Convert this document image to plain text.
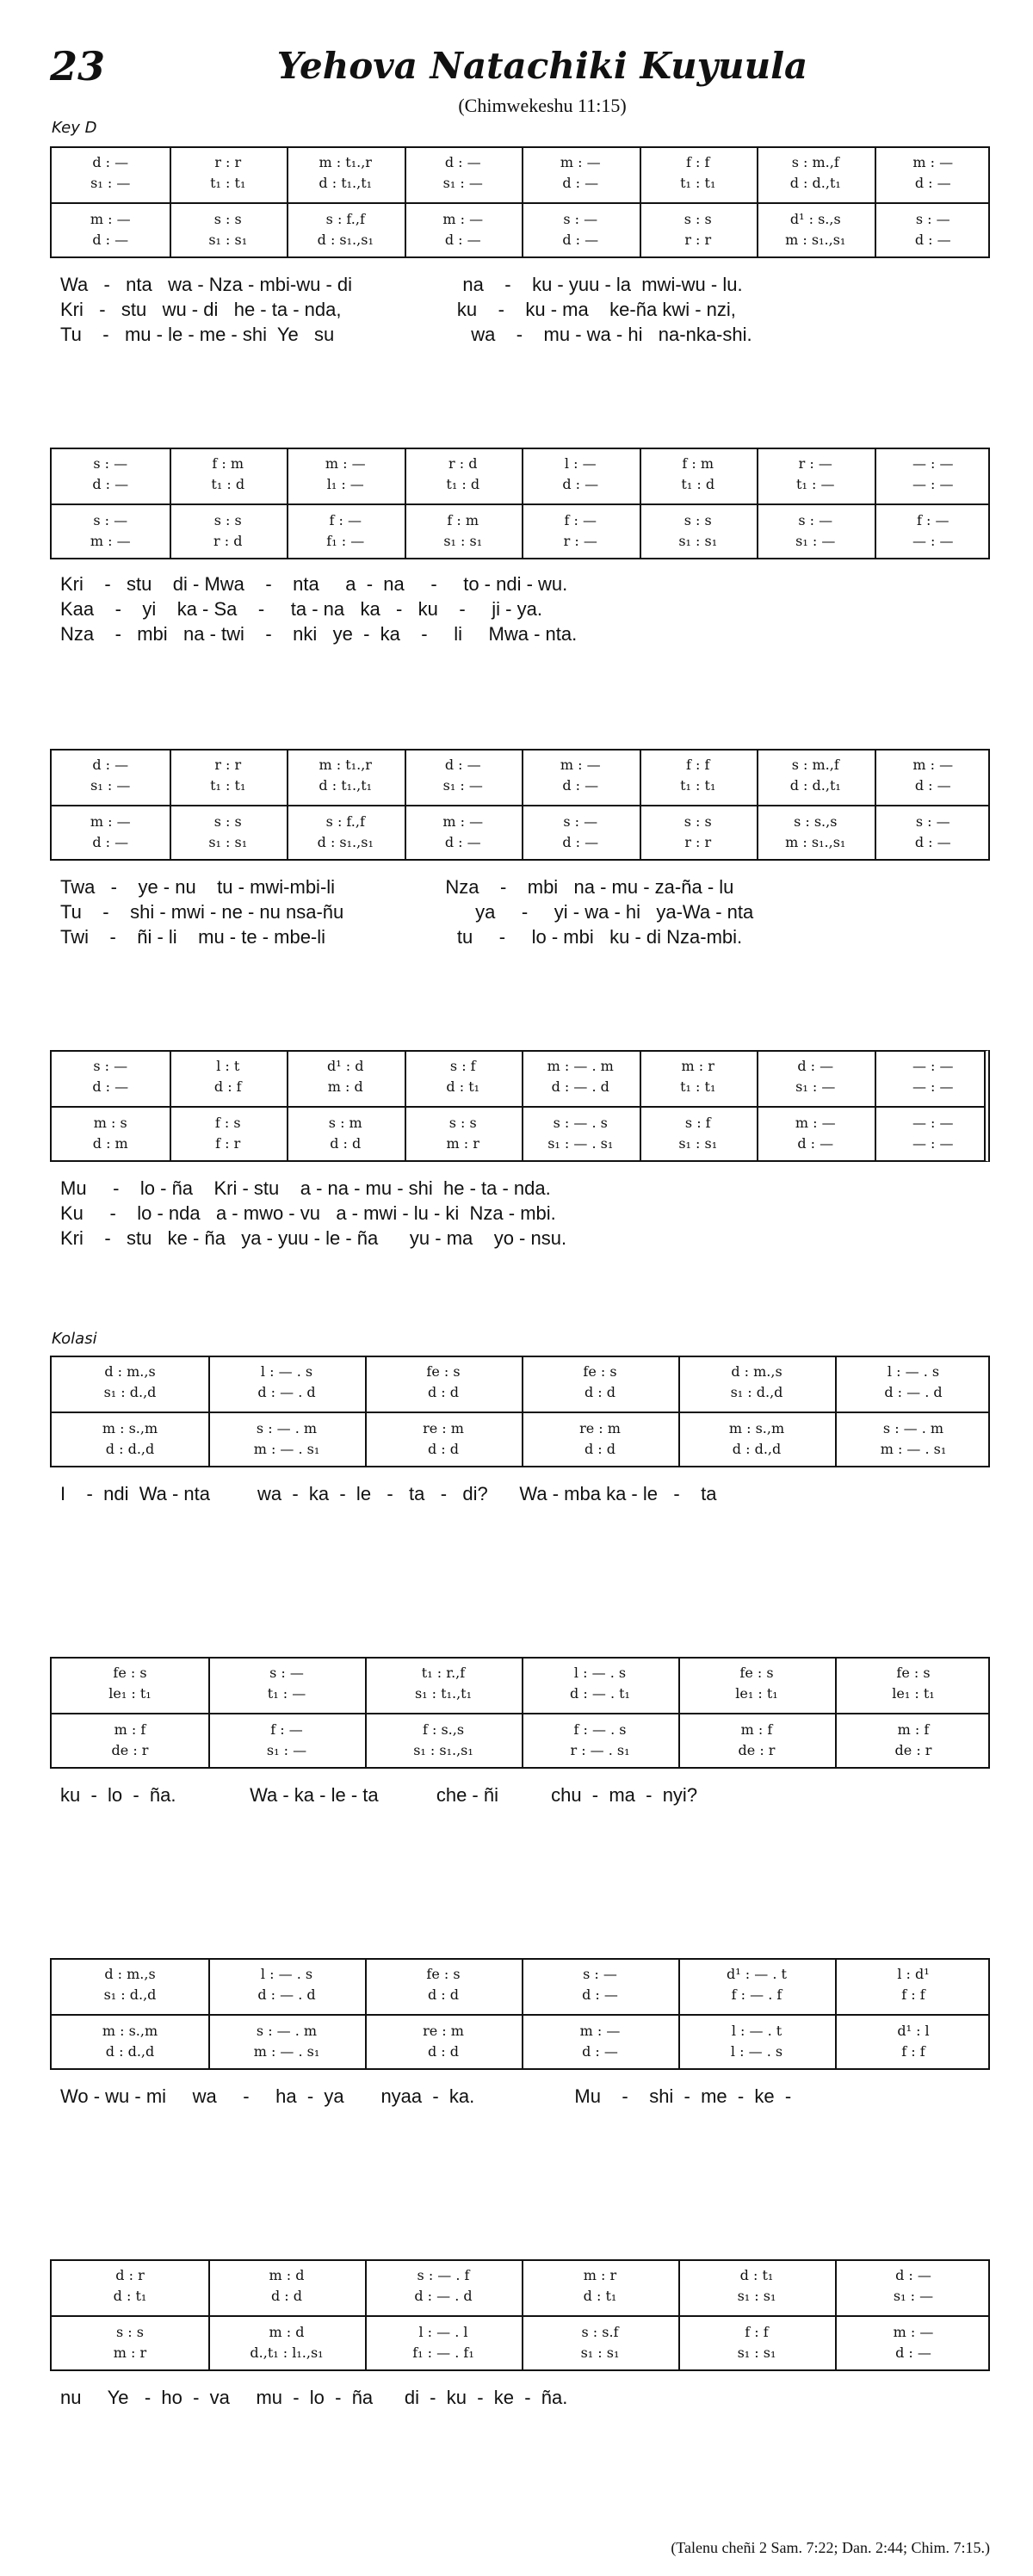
23	Yehova Natachiki Kuyuula
(Chimwekeshu 11:15)
Key D
Kolasi
(Talenu cheñi 2 Sam. 7:22; Dan. 2:44; Chim. 7:15.)
d : —
s₁ : —
m : —
d : —
r : r
t₁ : t₁
s : s
s₁ : s₁
m : t₁.,r
d : t₁.,t₁
s : f.,f
d : s₁.,s₁
d : —
s₁ : —
m : —
d : —
m : —
d : —
s : —
d : —
f : f
t₁ : t₁
s : s
r : r
s : m.,f
d : d.,t₁
d¹ : s.,s
m : s₁.,s₁
m : —
d : —
s : —
d : —
Wa   -   nta   wa - Nza - mbi-wu - di                     na    -    ku - yuu - la  mwi-wu - lu.
Kri   -   stu   wu - di   he - ta - nda,                      ku    -    ku - ma    ke-ña kwi - nzi,
Tu    -   mu - le - me - shi  Ye   su                          wa    -    mu - wa - hi   na-nka-shi.
s : —
d : —
s : —
m : —
f : m
t₁ : d
s : s
r : d
m : —
l₁ : —
f : —
f₁ : —
r : d
t₁ : d
f : m
s₁ : s₁
l : —
d : —
f : —
r : —
f : m
t₁ : d
s : s
s₁ : s₁
r : —
t₁ : —
s : —
s₁ : —
— : —
— : —
f : —
— : —
Kri    -   stu    di - Mwa    -    nta     a  -  na     -     to - ndi - wu.
Kaa    -    yi    ka - Sa    -     ta - na   ka   -   ku    -     ji - ya.
Nza    -   mbi   na - twi    -    nki   ye  -  ka    -     li     Mwa - nta.
d : —
s₁ : —
m : —
d : —
r : r
t₁ : t₁
s : s
s₁ : s₁
m : t₁.,r
d : t₁.,t₁
s : f.,f
d : s₁.,s₁
d : —
s₁ : —
m : —
d : —
m : —
d : —
s : —
d : —
f : f
t₁ : t₁
s : s
r : r
s : m.,f
d : d.,t₁
s : s.,s
m : s₁.,s₁
m : —
d : —
s : —
d : —
Twa   -    ye - nu    tu - mwi-mbi-li                     Nza    -    mbi   na - mu - za-ña - lu
Tu    -    shi - mwi - ne - nu nsa-ñu                         ya     -     yi - wa - hi   ya-Wa - nta
Twi    -    ñi - li    mu - te - mbe-li                         tu     -     lo - mbi   ku - di Nza-mbi.
s : —
d : —
m : s
d : m
l : t
d : f
f : s
f : r
d¹ : d
m : d
s : m
d : d
s : f
d : t₁
s : s
m : r
m : — . m
d : — . d
s : — . s
s₁ : — . s₁
m : r
t₁ : t₁
s : f
s₁ : s₁
d : —
s₁ : —
m : —
d : —
— : —
— : —
— : —
— : —
Mu     -    lo - ña    Kri - stu    a - na - mu - shi  he - ta - nda.
Ku     -    lo - nda   a - mwo - vu   a - mwi - lu - ki  Nza - mbi.
Kri    -   stu   ke - ña   ya - yuu - le - ña      yu - ma    yo - nsu.
d : m.,s
s₁ : d.,d
m : s.,m
d : d.,d
l : — . s
d : — . d
s : — . m
m : — . s₁
fe : s
d : d
re : m
d : d
fe : s
d : d
re : m
d : d
d : m.,s
s₁ : d.,d
m : s.,m
d : d.,d
l : — . s
d : — . d
s : — . m
m : — . s₁
I    -  ndi  Wa - nta         wa  -  ka  -  le   -   ta   -   di?      Wa - mba ka - le   -    ta
fe : s
le₁ : t₁
m : f
de : r
s : —
t₁ : —
f : —
s₁ : —
t₁ : r.,f
s₁ : t₁.,t₁
f : s.,s
s₁ : s₁.,s₁
l : — . s
d : — . t₁
f : — . s
r : — . s₁
fe : s
le₁ : t₁
m : f
de : r
fe : s
le₁ : t₁
m : f
de : r
ku  -  lo  -  ña.              Wa - ka - le - ta           che - ñi          chu  -  ma  -  nyi?
d : m.,s
s₁ : d.,d
m : s.,m
d : d.,d
l : — . s
d : — . d
s : — . m
m : — . s₁
fe : s
d : d
re : m
d : d
s : —
d : —
m : —
d : —
d¹ : — . t
f : — . f
l : — . t
l : — . s
l : d¹
f : f
d¹ : l
f : f
Wo - wu - mi     wa     -     ha  -  ya       nyaa  -  ka.                   Mu    -    shi  -  me  -  ke  -
d : r
d : t₁
s : s
m : r
m : d
d : d
m : d
d.,t₁ : l₁.,s₁
s : — . f
d : — . d
l : — . l
f₁ : — . f₁
m : r
d : t₁
s : s.f
s₁ : s₁
d : t₁
s₁ : s₁
f : f
s₁ : s₁
d : —
s₁ : —
m : —
d : —
nu     Ye   -  ho  -  va     mu  -  lo  -  ña      di  -  ku  -  ke  -  ña.
